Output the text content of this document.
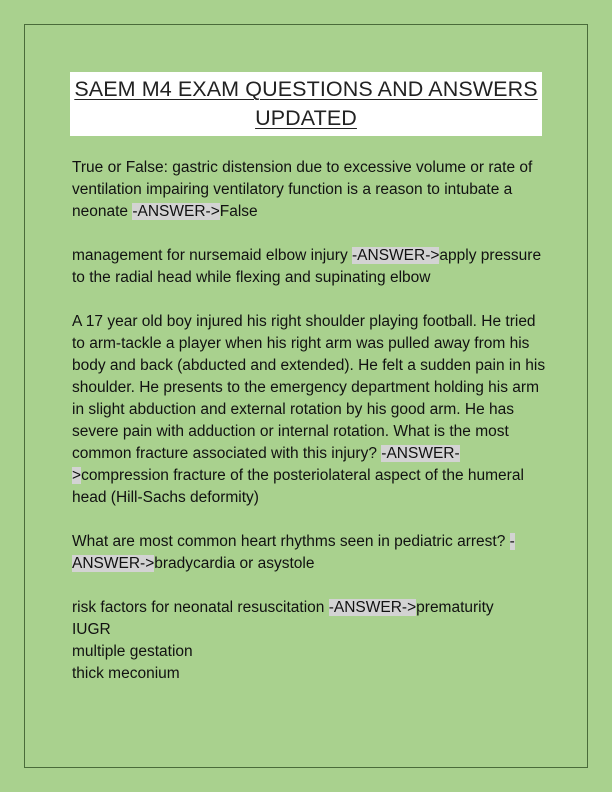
SAEM M4 EXAM QUESTIONS AND ANSWERS
UPDATED

True or False: gastric distension due to excessive volume or rate of ventilation impairing ventilatory function is a reason to intubate a neonate -ANSWER->False

management for nursemaid elbow injury -ANSWER->apply pressure to the radial head while flexing and supinating elbow

A 17 year old boy injured his right shoulder playing football. He tried to arm-tackle a player when his right arm was pulled away from his body and back (abducted and extended). He felt a sudden pain in his shoulder. He presents to the emergency department holding his arm in slight abduction and external rotation by his good arm. He has severe pain with adduction or internal rotation. What is the most common fracture associated with this injury? -ANSWER->compression fracture of the posteriolateral aspect of the humeral head (Hill-Sachs deformity)

What are most common heart rhythms seen in pediatric arrest? -ANSWER->bradycardia or asystole

risk factors for neonatal resuscitation -ANSWER->prematurity

IUGR

multiple gestation

thick meconium
